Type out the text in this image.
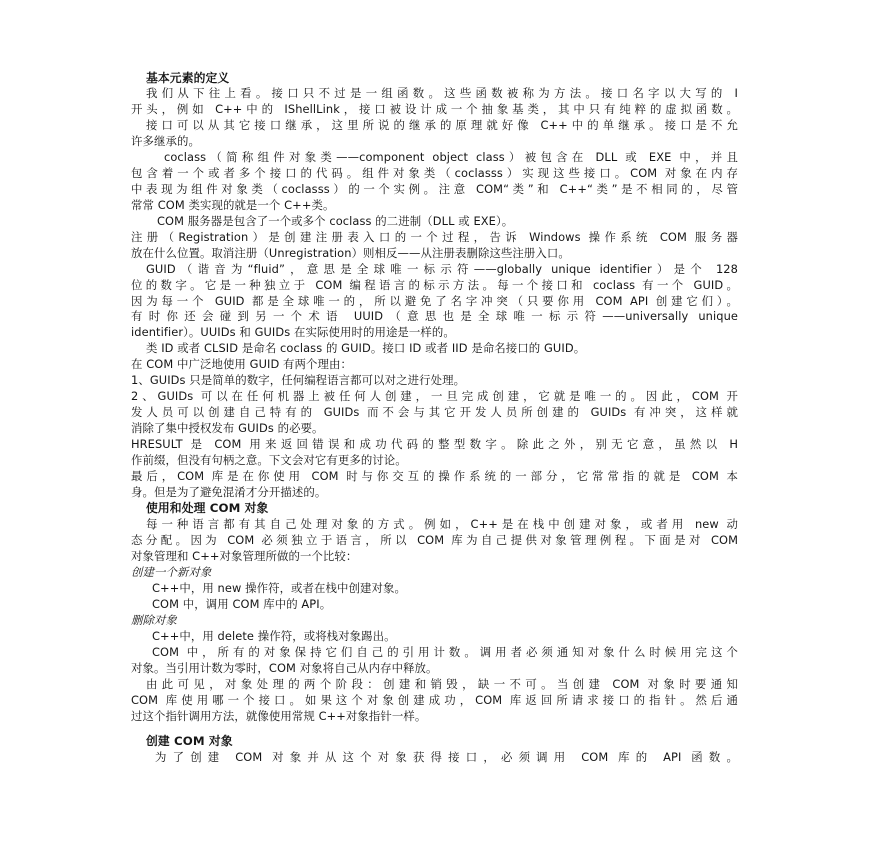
基本元素的定义
我们从下往上看。接口只不过是一组函数。这些函数被称为方法。接口名字以大写的 I
开头，例如 C++中的 IShellLink，接口被设计成一个抽象基类，其中只有纯粹的虚拟函数。
接口可以从其它接口继承，这里所说的继承的原理就好像 C++中的单继承。接口是不允
许多继承的。
coclass（简称组件对象类——component object class）被包含在 DLL 或 EXE 中，并且
包含着一个或者多个接口的代码。组件对象类（coclasss）实现这些接口。COM 对象在内存
中表现为组件对象类（coclasss）的一个实例。注意 COM“类”和 C++“类”是不相同的，尽管
常常 COM 类实现的就是一个 C++类。
COM 服务器是包含了一个或多个 coclass 的二进制（DLL 或 EXE）。
注册（Registration）是创建注册表入口的一个过程，告诉 Windows 操作系统 COM 服务器
放在什么位置。取消注册（Unregistration）则相反——从注册表删除这些注册入口。
GUID（谐音为“fluid”，意思是全球唯一标示符——globally unique identifier）是个 128
位的数字。它是一种独立于 COM 编程语言的标示方法。每一个接口和 coclass 有一个 GUID。
因为每一个 GUID 都是全球唯一的，所以避免了名字冲突（只要你用 COM API 创建它们）。
有时你还会碰到另一个术语 UUID（意思也是全球唯一标示符——universally unique
identifier）。UUIDs 和 GUIDs 在实际使用时的用途是一样的。
类 ID 或者 CLSID 是命名 coclass 的 GUID。接口 ID 或者 IID 是命名接口的 GUID。
在 COM 中广泛地使用 GUID 有两个理由：
1、GUIDs 只是简单的数字，任何编程语言都可以对之进行处理。
2、GUIDs 可以在任何机器上被任何人创建，一旦完成创建，它就是唯一的。因此，COM 开
发人员可以创建自己特有的 GUIDs 而不会与其它开发人员所创建的 GUIDs 有冲突，这样就
消除了集中授权发布 GUIDs 的必要。
HRESULT 是 COM 用来返回错误和成功代码的整型数字。除此之外，别无它意，虽然以 H
作前缀，但没有句柄之意。下文会对它有更多的讨论。
最后，COM 库是在你使用 COM 时与你交互的操作系统的一部分，它常常指的就是 COM 本
身。但是为了避免混淆才分开描述的。
使用和处理 COM 对象
每一种语言都有其自己处理对象的方式。例如，C++是在栈中创建对象，或者用 new 动
态分配。因为 COM 必须独立于语言，所以 COM 库为自己提供对象管理例程。下面是对 COM
对象管理和 C++对象管理所做的一个比较：
创建一个新对象
C++中，用 new 操作符，或者在栈中创建对象。
COM 中，调用 COM 库中的 API。
删除对象
C++中，用 delete 操作符，或将栈对象踢出。
COM 中，所有的对象保持它们自己的引用计数。调用者必须通知对象什么时候用完这个
对象。当引用计数为零时，COM 对象将自己从内存中释放。
由此可见，对象处理的两个阶段：创建和销毁，缺一不可。当创建 COM 对象时要通知
COM 库使用哪一个接口。如果这个对象创建成功，COM 库返回所请求接口的指针。然后通
过这个指针调用方法，就像使用常规 C++对象指针一样。
创建 COM 对象
为了创建 COM 对象并从这个对象获得接口，必须调用 COM 库的 API 函数。
